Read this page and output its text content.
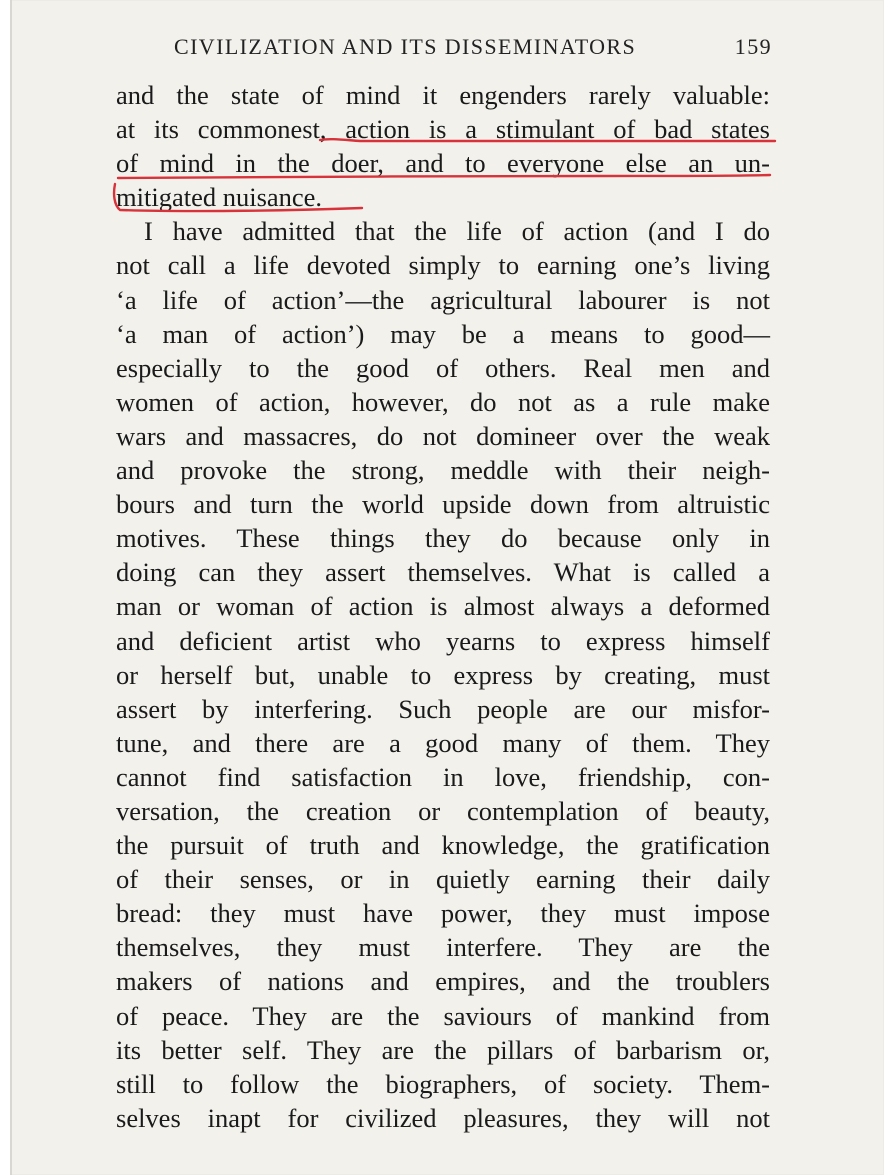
CIVILIZATION AND ITS DISSEMINATORS	159
and the state of mind it engenders rarely valuable:
at its commonest, action is a stimulant of bad states
of mind in the doer, and to everyone else an un-
mitigated nuisance.
I have admitted that the life of action (and I do
not call a life devoted simply to earning one’s living
‘a life of action’—the agricultural labourer is not
‘a man of action’) may be a means to good—
especially to the good of others. Real men and
women of action, however, do not as a rule make
wars and massacres, do not domineer over the weak
and provoke the strong, meddle with their neigh-
bours and turn the world upside down from altruistic
motives. These things they do because only in
doing can they assert themselves. What is called a
man or woman of action is almost always a deformed
and deficient artist who yearns to express himself
or herself but, unable to express by creating, must
assert by interfering. Such people are our misfor-
tune, and there are a good many of them. They
cannot find satisfaction in love, friendship, con-
versation, the creation or contemplation of beauty,
the pursuit of truth and knowledge, the gratification
of their senses, or in quietly earning their daily
bread: they must have power, they must impose
themselves, they must interfere. They are the
makers of nations and empires, and the troublers
of peace. They are the saviours of mankind from
its better self. They are the pillars of barbarism or,
still to follow the biographers, of society. Them-
selves inapt for civilized pleasures, they will not
